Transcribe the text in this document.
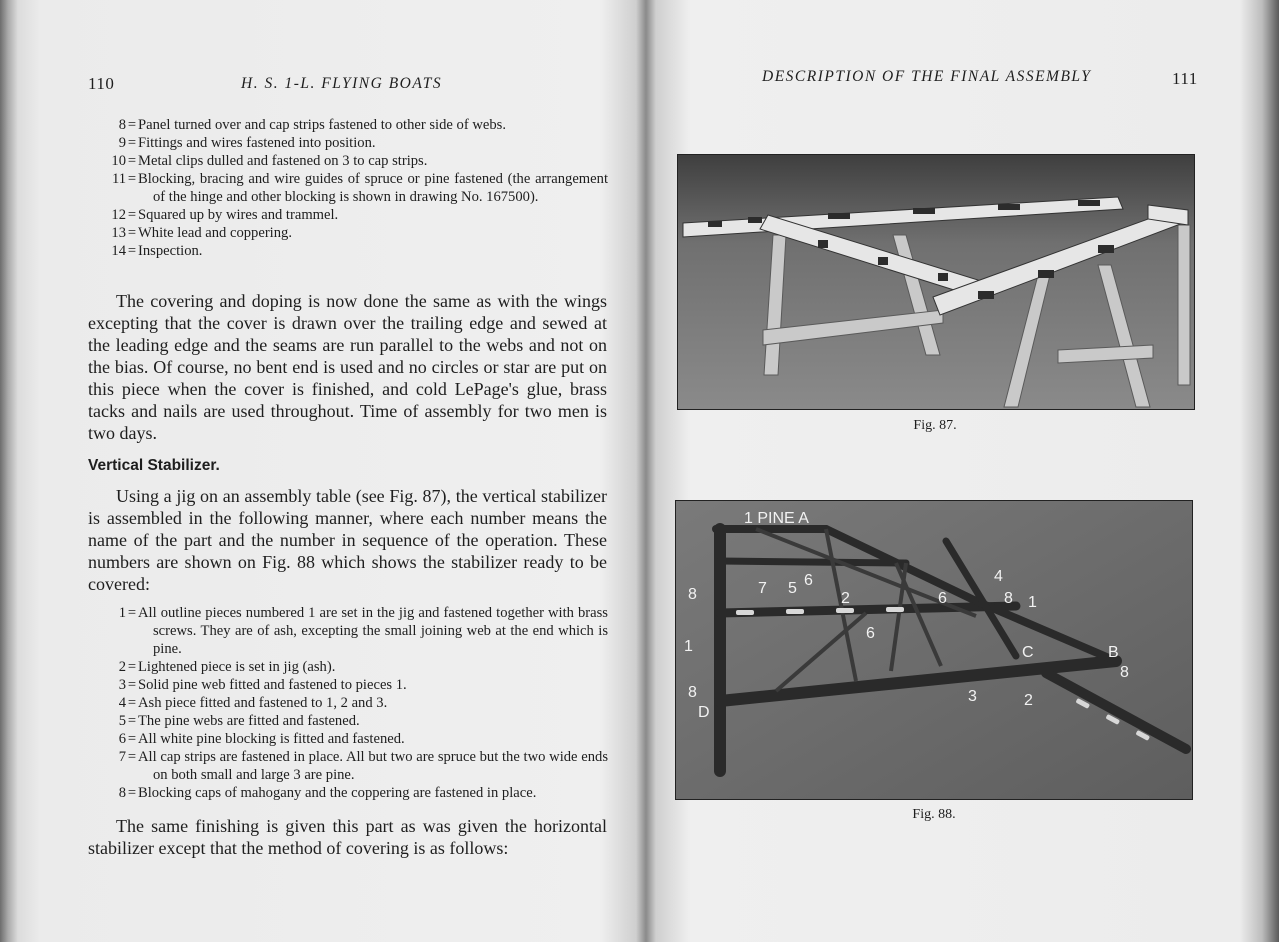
110	H. S. 1-L. FLYING BOATS
8 = Panel turned over and cap strips fastened to other side of webs.
9 = Fittings and wires fastened into position.
10 = Metal clips dulled and fastened on 3 to cap strips.
11 = Blocking, bracing and wire guides of spruce or pine fastened (the arrangement of the hinge and other blocking is shown in drawing No. 167500).
12 = Squared up by wires and trammel.
13 = White lead and coppering.
14 = Inspection.

The covering and doping is now done the same as with the wings excepting that the cover is drawn over the trailing edge and sewed at the leading edge and the seams are run parallel to the webs and not on the bias. Of course, no bent end is used and no circles or star are put on this piece when the cover is finished, and cold LePage's glue, brass tacks and nails are used throughout. Time of assembly for two men is two days.

Vertical Stabilizer.

Using a jig on an assembly table (see Fig. 87), the vertical stabilizer is assembled in the following manner, where each number means the name of the part and the number in sequence of the operation. These numbers are shown on Fig. 88 which shows the stabilizer ready to be covered:

1 = All outline pieces numbered 1 are set in the jig and fastened together with brass screws. They are of ash, excepting the small joining web at the end which is pine.
2 = Lightened piece is set in jig (ash).
3 = Solid pine web fitted and fastened to pieces 1.
4 = Ash piece fitted and fastened to 1, 2 and 3.
5 = The pine webs are fitted and fastened.
6 = All white pine blocking is fitted and fastened.
7 = All cap strips are fastened in place. All but two are spruce but the two wide ends on both small and large 3 are pine.
8 = Blocking caps of mahogany and the coppering are fastened in place.

The same finishing is given this part as was given the horizontal stabilizer except that the method of covering is as follows:

DESCRIPTION OF THE FINAL ASSEMBLY	111
Fig. 87.
1 PINE A
1
8	7 5 6
2	6
4
8 1
6
C	B
8
8
D
3	2
Fig. 88.
